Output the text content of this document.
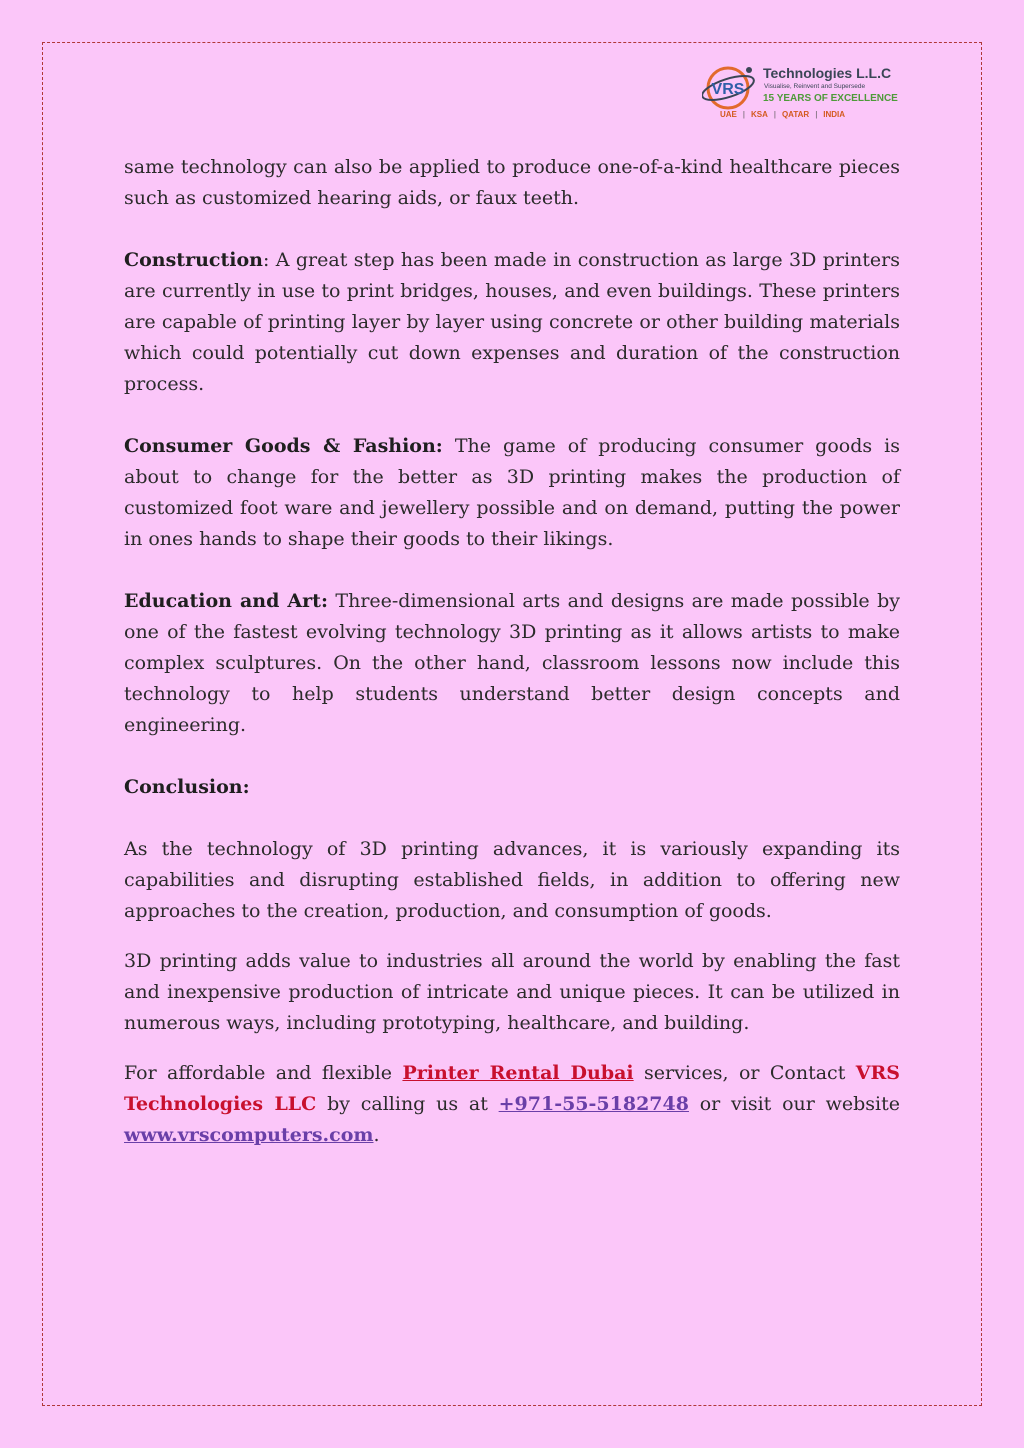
VRS
Technologies L.L.C
Visualise, Reinvent and Supersede
15 YEARS OF EXCELLENCE
UAE | KSA | QATAR | INDIA

same technology can also be applied to produce one-of-a-kind healthcare pieces such as customized hearing aids, or faux teeth.

Construction: A great step has been made in construction as large 3D printers are currently in use to print bridges, houses, and even buildings. These printers are capable of printing layer by layer using concrete or other building materials which could potentially cut down expenses and duration of the construction process.

Consumer Goods & Fashion: The game of producing consumer goods is about to change for the better as 3D printing makes the production of customized foot ware and jewellery possible and on demand, putting the power in ones hands to shape their goods to their likings.

Education and Art: Three-dimensional arts and designs are made possible by one of the fastest evolving technology 3D printing as it allows artists to make complex sculptures. On the other hand, classroom lessons now include this technology to help students understand better design concepts and engineering.

Conclusion:

As the technology of 3D printing advances, it is variously expanding its capabilities and disrupting established fields, in addition to offering new approaches to the creation, production, and consumption of goods.

3D printing adds value to industries all around the world by enabling the fast and inexpensive production of intricate and unique pieces. It can be utilized in numerous ways, including prototyping, healthcare, and building.

For affordable and flexible Printer Rental Dubai services, or Contact VRS Technologies LLC by calling us at +971-55-5182748 or visit our website www.vrscomputers.com.
